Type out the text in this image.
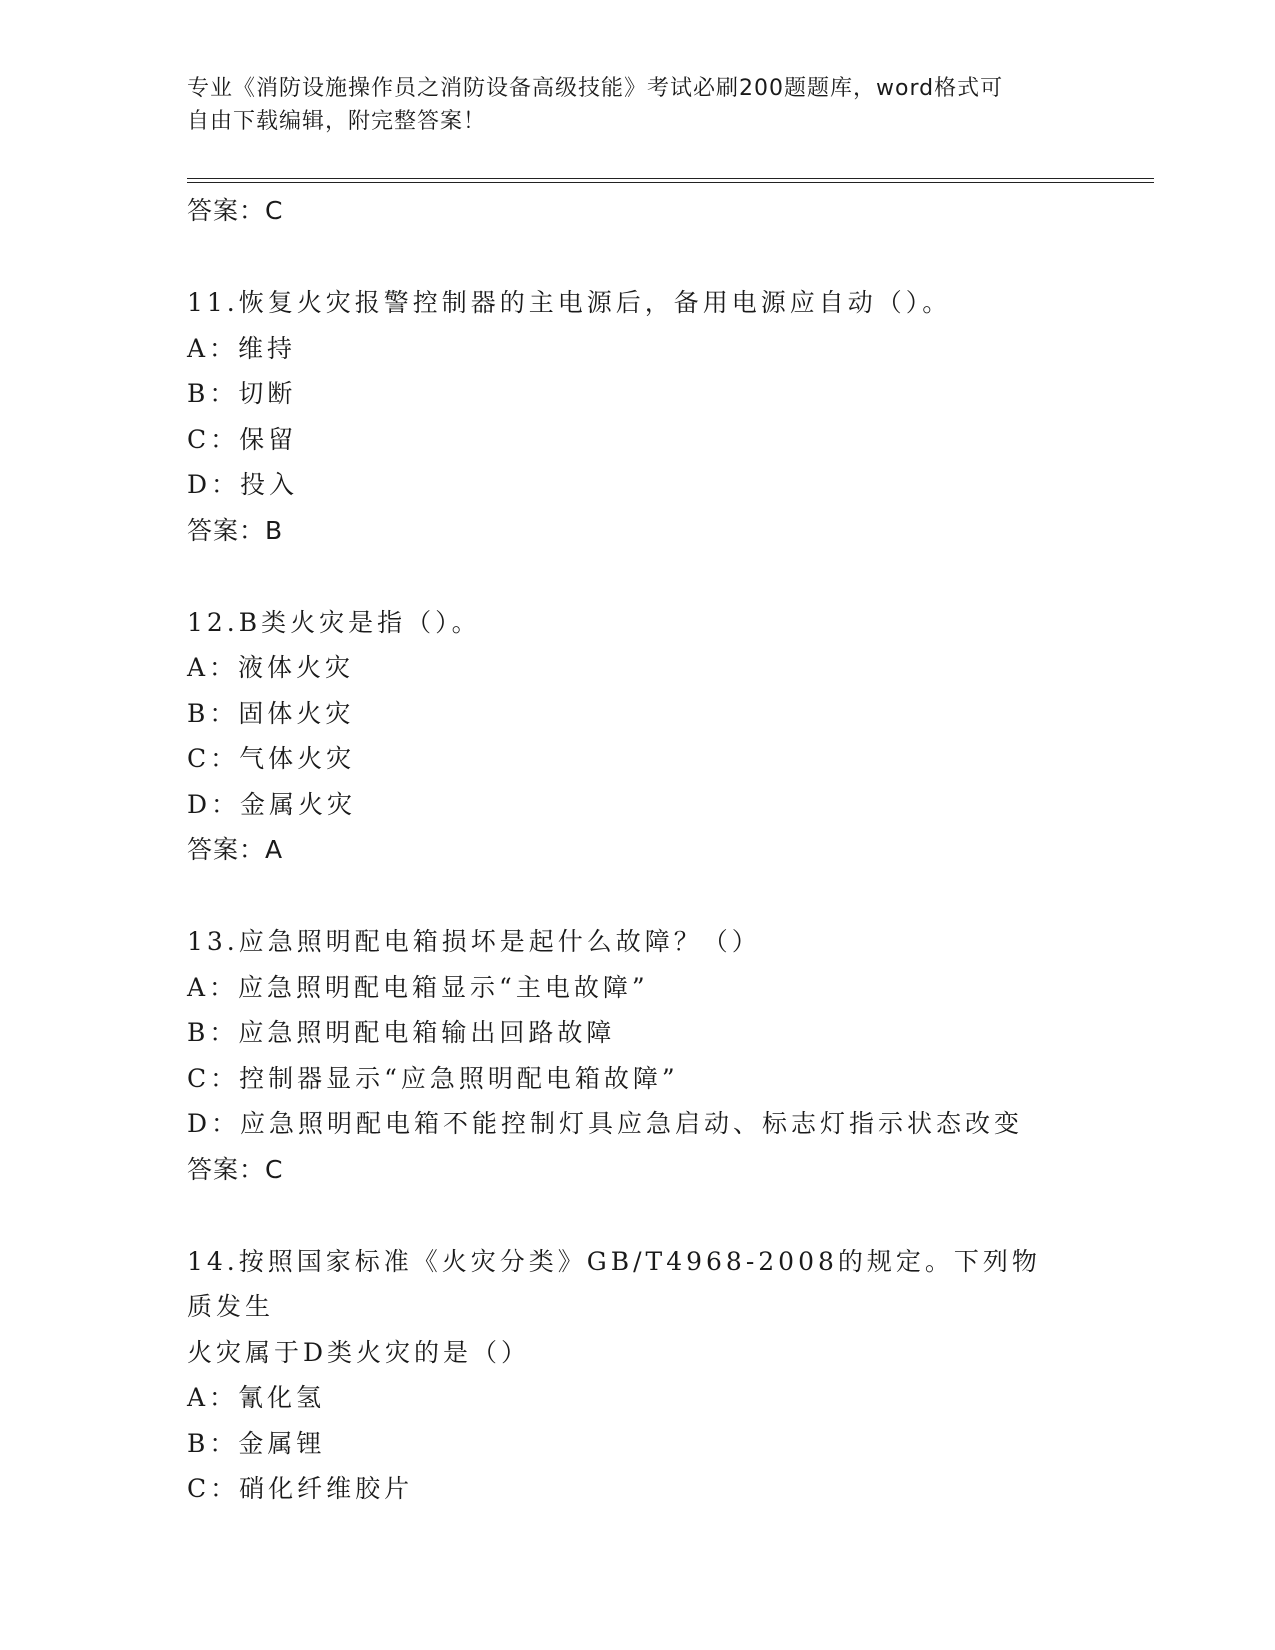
专业《消防设施操作员之消防设备高级技能》考试必刷200题题库，word格式可
自由下载编辑，附完整答案！
答案：C
11.恢复火灾报警控制器的主电源后，备用电源应自动（）。
A：维持
B：切断
C：保留
D：投入
答案：B
12.B类火灾是指（）。
A：液体火灾
B：固体火灾
C：气体火灾
D：金属火灾
答案：A
13.应急照明配电箱损坏是起什么故障？（）
A：应急照明配电箱显示“主电故障”
B：应急照明配电箱输出回路故障
C：控制器显示“应急照明配电箱故障”
D：应急照明配电箱不能控制灯具应急启动、标志灯指示状态改变
答案：C
14.按照国家标准《火灾分类》GB/T4968-2008的规定。下列物质发生
火灾属于D类火灾的是（）
A：氰化氢
B：金属锂
C：硝化纤维胶片
